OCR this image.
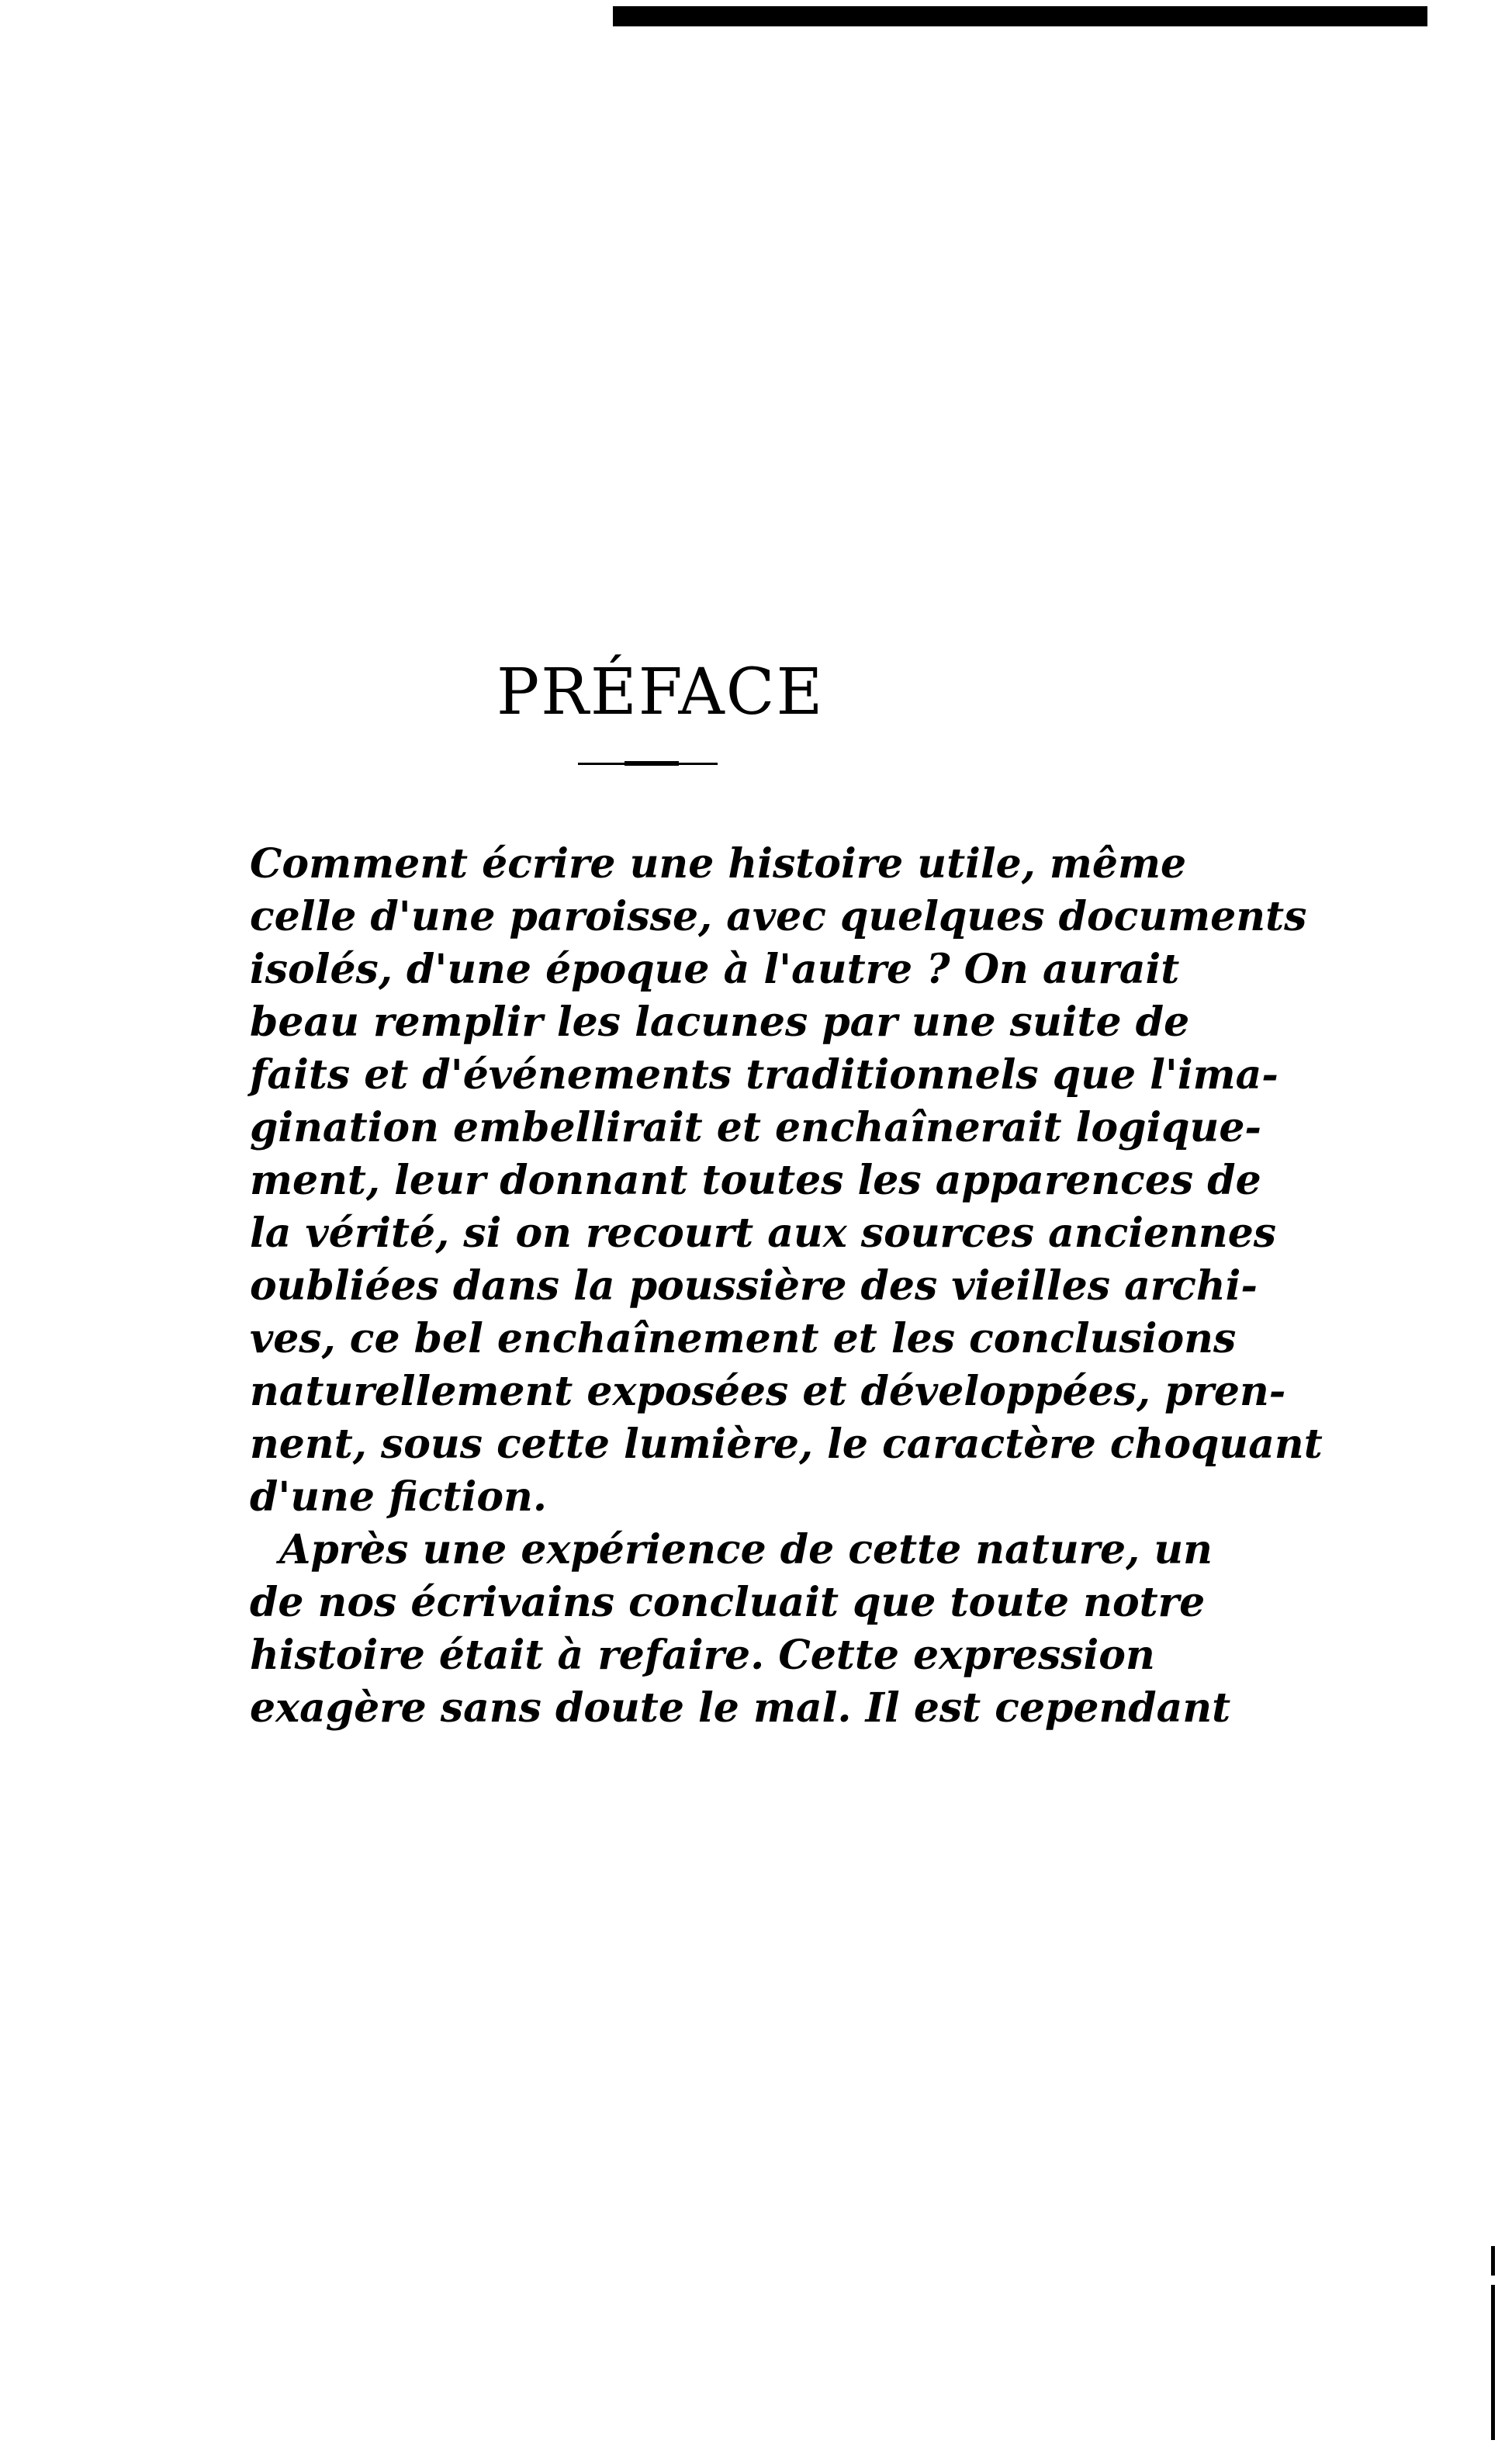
PRÉFACE
Comment écrire une histoire utile, même
celle d'une paroisse, avec quelques documents
isolés, d'une époque à l'autre ? On aurait
beau remplir les lacunes par une suite de
faits et d'événements traditionnels que l'ima-
gination embellirait et enchaînerait logique-
ment, leur donnant toutes les apparences de
la vérité, si on recourt aux sources anciennes
oubliées dans la poussière des vieilles archi-
ves, ce bel enchaînement et les conclusions
naturellement exposées et développées, pren-
nent, sous cette lumière, le caractère choquant
d'une fiction.
Après une expérience de cette nature, un
de nos écrivains concluait que toute notre
histoire était à refaire. Cette expression
exagère sans doute le mal. Il est cependant
